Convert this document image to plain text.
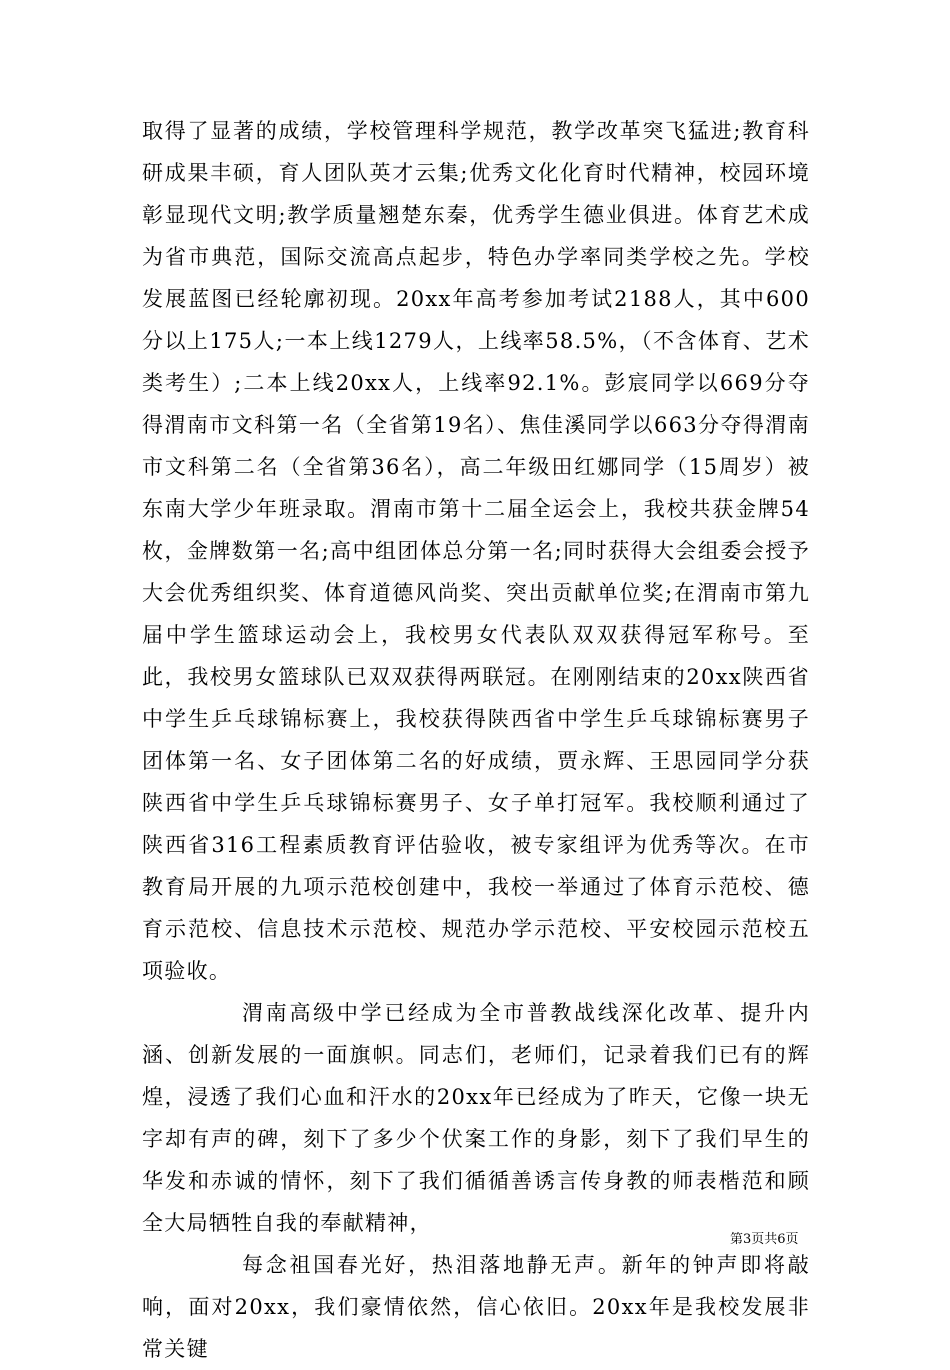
取得了显著的成绩，学校管理科学规范，教学改革突飞猛进;教育科研成果丰硕，育人团队英才云集;优秀文化化育时代精神，校园环境彰显现代文明;教学质量翘楚东秦，优秀学生德业俱进。体育艺术成为省市典范，国际交流高点起步，特色办学率同类学校之先。学校发展蓝图已经轮廓初现。20xx年高考参加考试2188人，其中600分以上175人;一本上线1279人，上线率58.5%，（不含体育、艺术类考生）;二本上线20xx人，上线率92.1%。彭宸同学以669分夺得渭南市文科第一名（全省第19名）、焦佳溪同学以663分夺得渭南市文科第二名（全省第36名），高二年级田红娜同学（15周岁）被东南大学少年班录取。渭南市第十二届全运会上，我校共获金牌54枚，金牌数第一名;高中组团体总分第一名;同时获得大会组委会授予大会优秀组织奖、体育道德风尚奖、突出贡献单位奖;在渭南市第九届中学生篮球运动会上，我校男女代表队双双获得冠军称号。至此，我校男女篮球队已双双获得两联冠。在刚刚结束的20xx陕西省中学生乒乓球锦标赛上，我校获得陕西省中学生乒乓球锦标赛男子团体第一名、女子团体第二名的好成绩，贾永辉、王思园同学分获陕西省中学生乒乓球锦标赛男子、女子单打冠军。我校顺利通过了陕西省316工程素质教育评估验收，被专家组评为优秀等次。在市教育局开展的九项示范校创建中，我校一举通过了体育示范校、德育示范校、信息技术示范校、规范办学示范校、平安校园示范校五项验收。

渭南高级中学已经成为全市普教战线深化改革、提升内涵、创新发展的一面旗帜。同志们，老师们，记录着我们已有的辉煌，浸透了我们心血和汗水的20xx年已经成为了昨天，它像一块无字却有声的碑，刻下了多少个伏案工作的身影，刻下了我们早生的华发和赤诚的情怀，刻下了我们循循善诱言传身教的师表楷范和顾全大局牺牲自我的奉献精神，

每念祖国春光好，热泪落地静无声。新年的钟声即将敲响，面对20xx，我们豪情依然，信心依旧。20xx年是我校发展非常关键

第3页共6页
